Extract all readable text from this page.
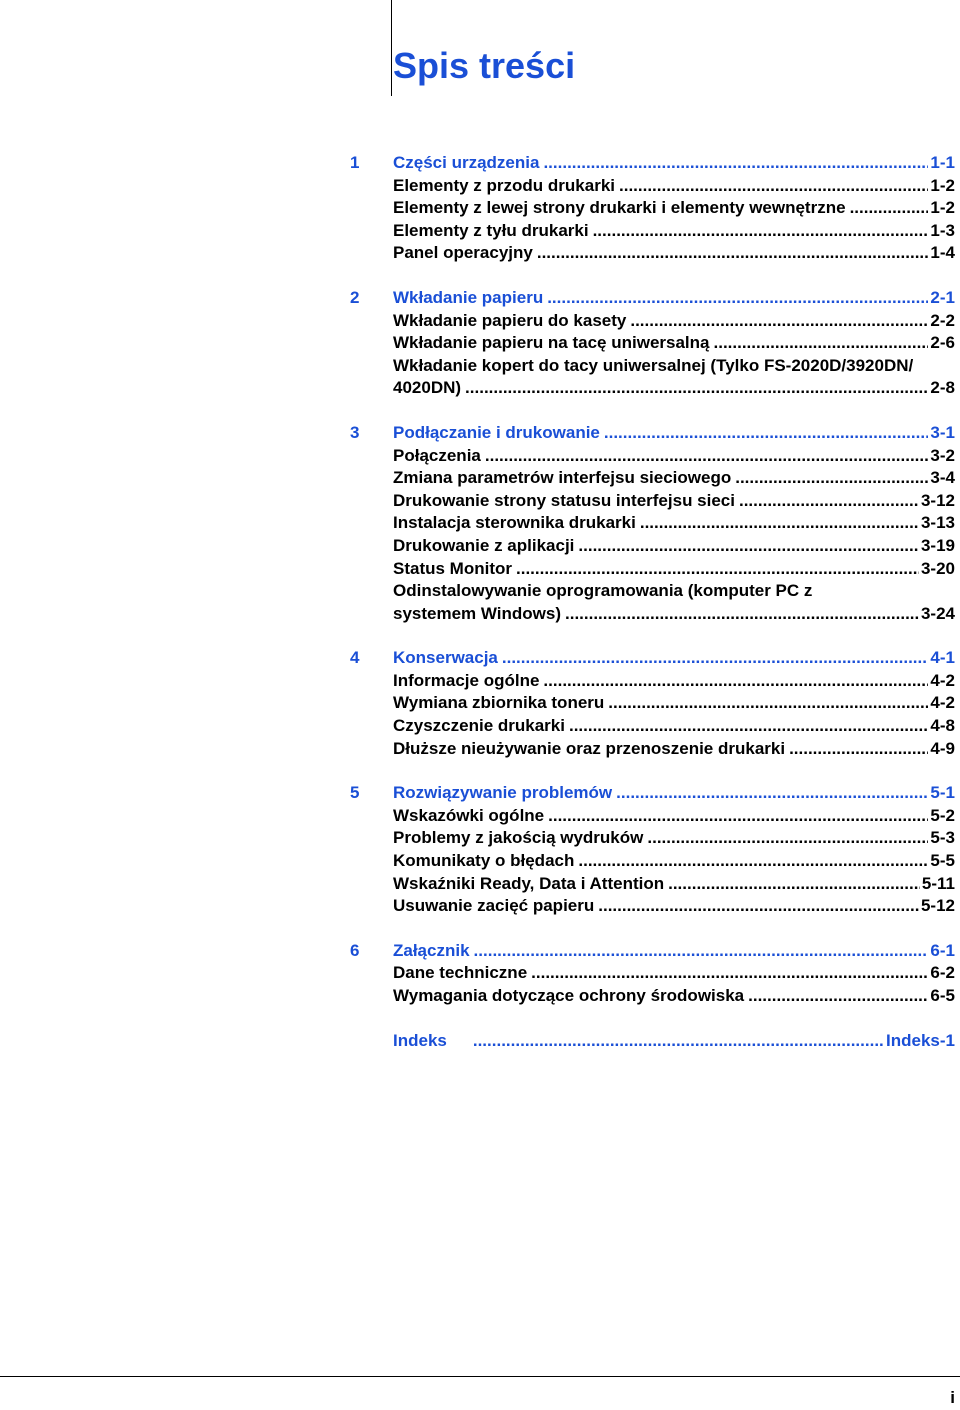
Spis treści
1 Części urządzenia .....	1-1
Elementy z przodu drukarki .....	1-2
Elementy z lewej strony drukarki i elementy wewnętrzne .....	1-2
Elementy z tyłu drukarki .....	1-3
Panel operacyjny .....	1-4
2 Wkładanie papieru .....	2-1
Wkładanie papieru do kasety .....	2-2
Wkładanie papieru na tacę uniwersalną .....	2-6
Wkładanie kopert do tacy uniwersalnej (Tylko FS-2020D/3920DN/
4020DN) .....	2-8
3 Podłączanie i drukowanie .....	3-1
Połączenia .....	3-2
Zmiana parametrów interfejsu sieciowego .....	3-4
Drukowanie strony statusu interfejsu sieci .....	3-12
Instalacja sterownika drukarki .....	3-13
Drukowanie z aplikacji .....	3-19
Status Monitor .....	3-20
Odinstalowywanie oprogramowania (komputer PC z
systemem Windows) .....	3-24
4 Konserwacja .....	4-1
Informacje ogólne .....	4-2
Wymiana zbiornika toneru .....	4-2
Czyszczenie drukarki .....	4-8
Dłuższe nieużywanie oraz przenoszenie drukarki .....	4-9
5 Rozwiązywanie problemów .....	5-1
Wskazówki ogólne .....	5-2
Problemy z jakością wydruków .....	5-3
Komunikaty o błędach .....	5-5
Wskaźniki Ready, Data i Attention .....	5-11
Usuwanie zacięć papieru .....	5-12
6 Załącznik .....	6-1
Dane techniczne .....	6-2
Wymagania dotyczące ochrony środowiska .....	6-5
Indeks .....	Indeks-1
i
